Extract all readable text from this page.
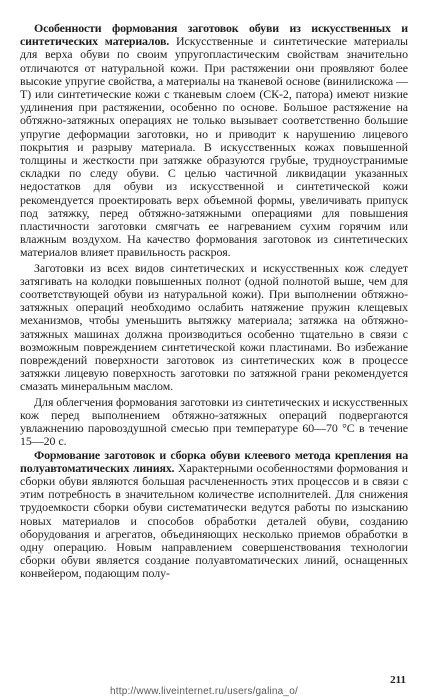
Особенности формования заготовок обуви из искусственных и синтетических материалов. Искусственные и синтетические материалы для верха обуви по своим упругопластическим свойствам значительно отличаются от натуральной кожи. При растяжении они проявляют более высокие упругие свойства, а материалы на тканевой основе (винилискожа — Т) или синтетические кожи с тканевым слоем (СК-2, патора) имеют низкие удлинения при растяжении, особенно по основе. Большое растяжение на обтяжно-затяжных операциях не только вызывает соответственно большие упругие деформации заготовки, но и приводит к нарушению лицевого покрытия и разрыву материала. В искусственных кожах повышенной толщины и жесткости при затяжке образуются грубые, трудноустранимые складки по следу обуви. С целью частичной ликвидации указанных недостатков для обуви из искусственной и синтетической кожи рекомендуется проектировать верх объемной формы, увеличивать припуск под затяжку, перед обтяжно-затяжными операциями для повышения пластичности заготовки смягчать ее нагреванием сухим горячим или влажным воздухом. На качество формования заготовок из синтетических материалов влияет правильность раскроя.

Заготовки из всех видов синтетических и искусственных кож следует затягивать на колодки повышенных полнот (одной полнотой выше, чем для соответствующей обуви из натуральной кожи). При выполнении обтяжно-затяжных операций необходимо ослабить натяжение пружин клещевых механизмов, чтобы уменьшить вытяжку материала; затяжка на обтяжно-затяжных машинах должна производиться особенно тщательно в связи с возможным повреждением синтетической кожи пластинами. Во избежание повреждений поверхности заготовок из синтетических кож в процессе затяжки лицевую поверхность заготовки по затяжной грани рекомендуется смазать минеральным маслом.

Для облегчения формования заготовки из синтетических и искусственных кож перед выполнением обтяжно-затяжных операций подвергаются увлажнению паровоздушной смесью при температуре 60—70 °С в течение 15—20 с.

Формование заготовок и сборка обуви клеевого метода крепления на полуавтоматических линиях. Характерными особенностями формования и сборки обуви являются большая расчлененность этих процессов и в связи с этим потребность в значительном количестве исполнителей. Для снижения трудоемкости сборки обуви систематически ведутся работы по изысканию новых материалов и способов обработки деталей обуви, созданию оборудования и агрегатов, объединяющих несколько приемов обработки в одну операцию. Новым направлением совершенствования технологии сборки обуви является создание полуавтоматических линий, оснащенных конвейером, подающим полу-

211
http://www.liveinternet.ru/users/galina_o/
